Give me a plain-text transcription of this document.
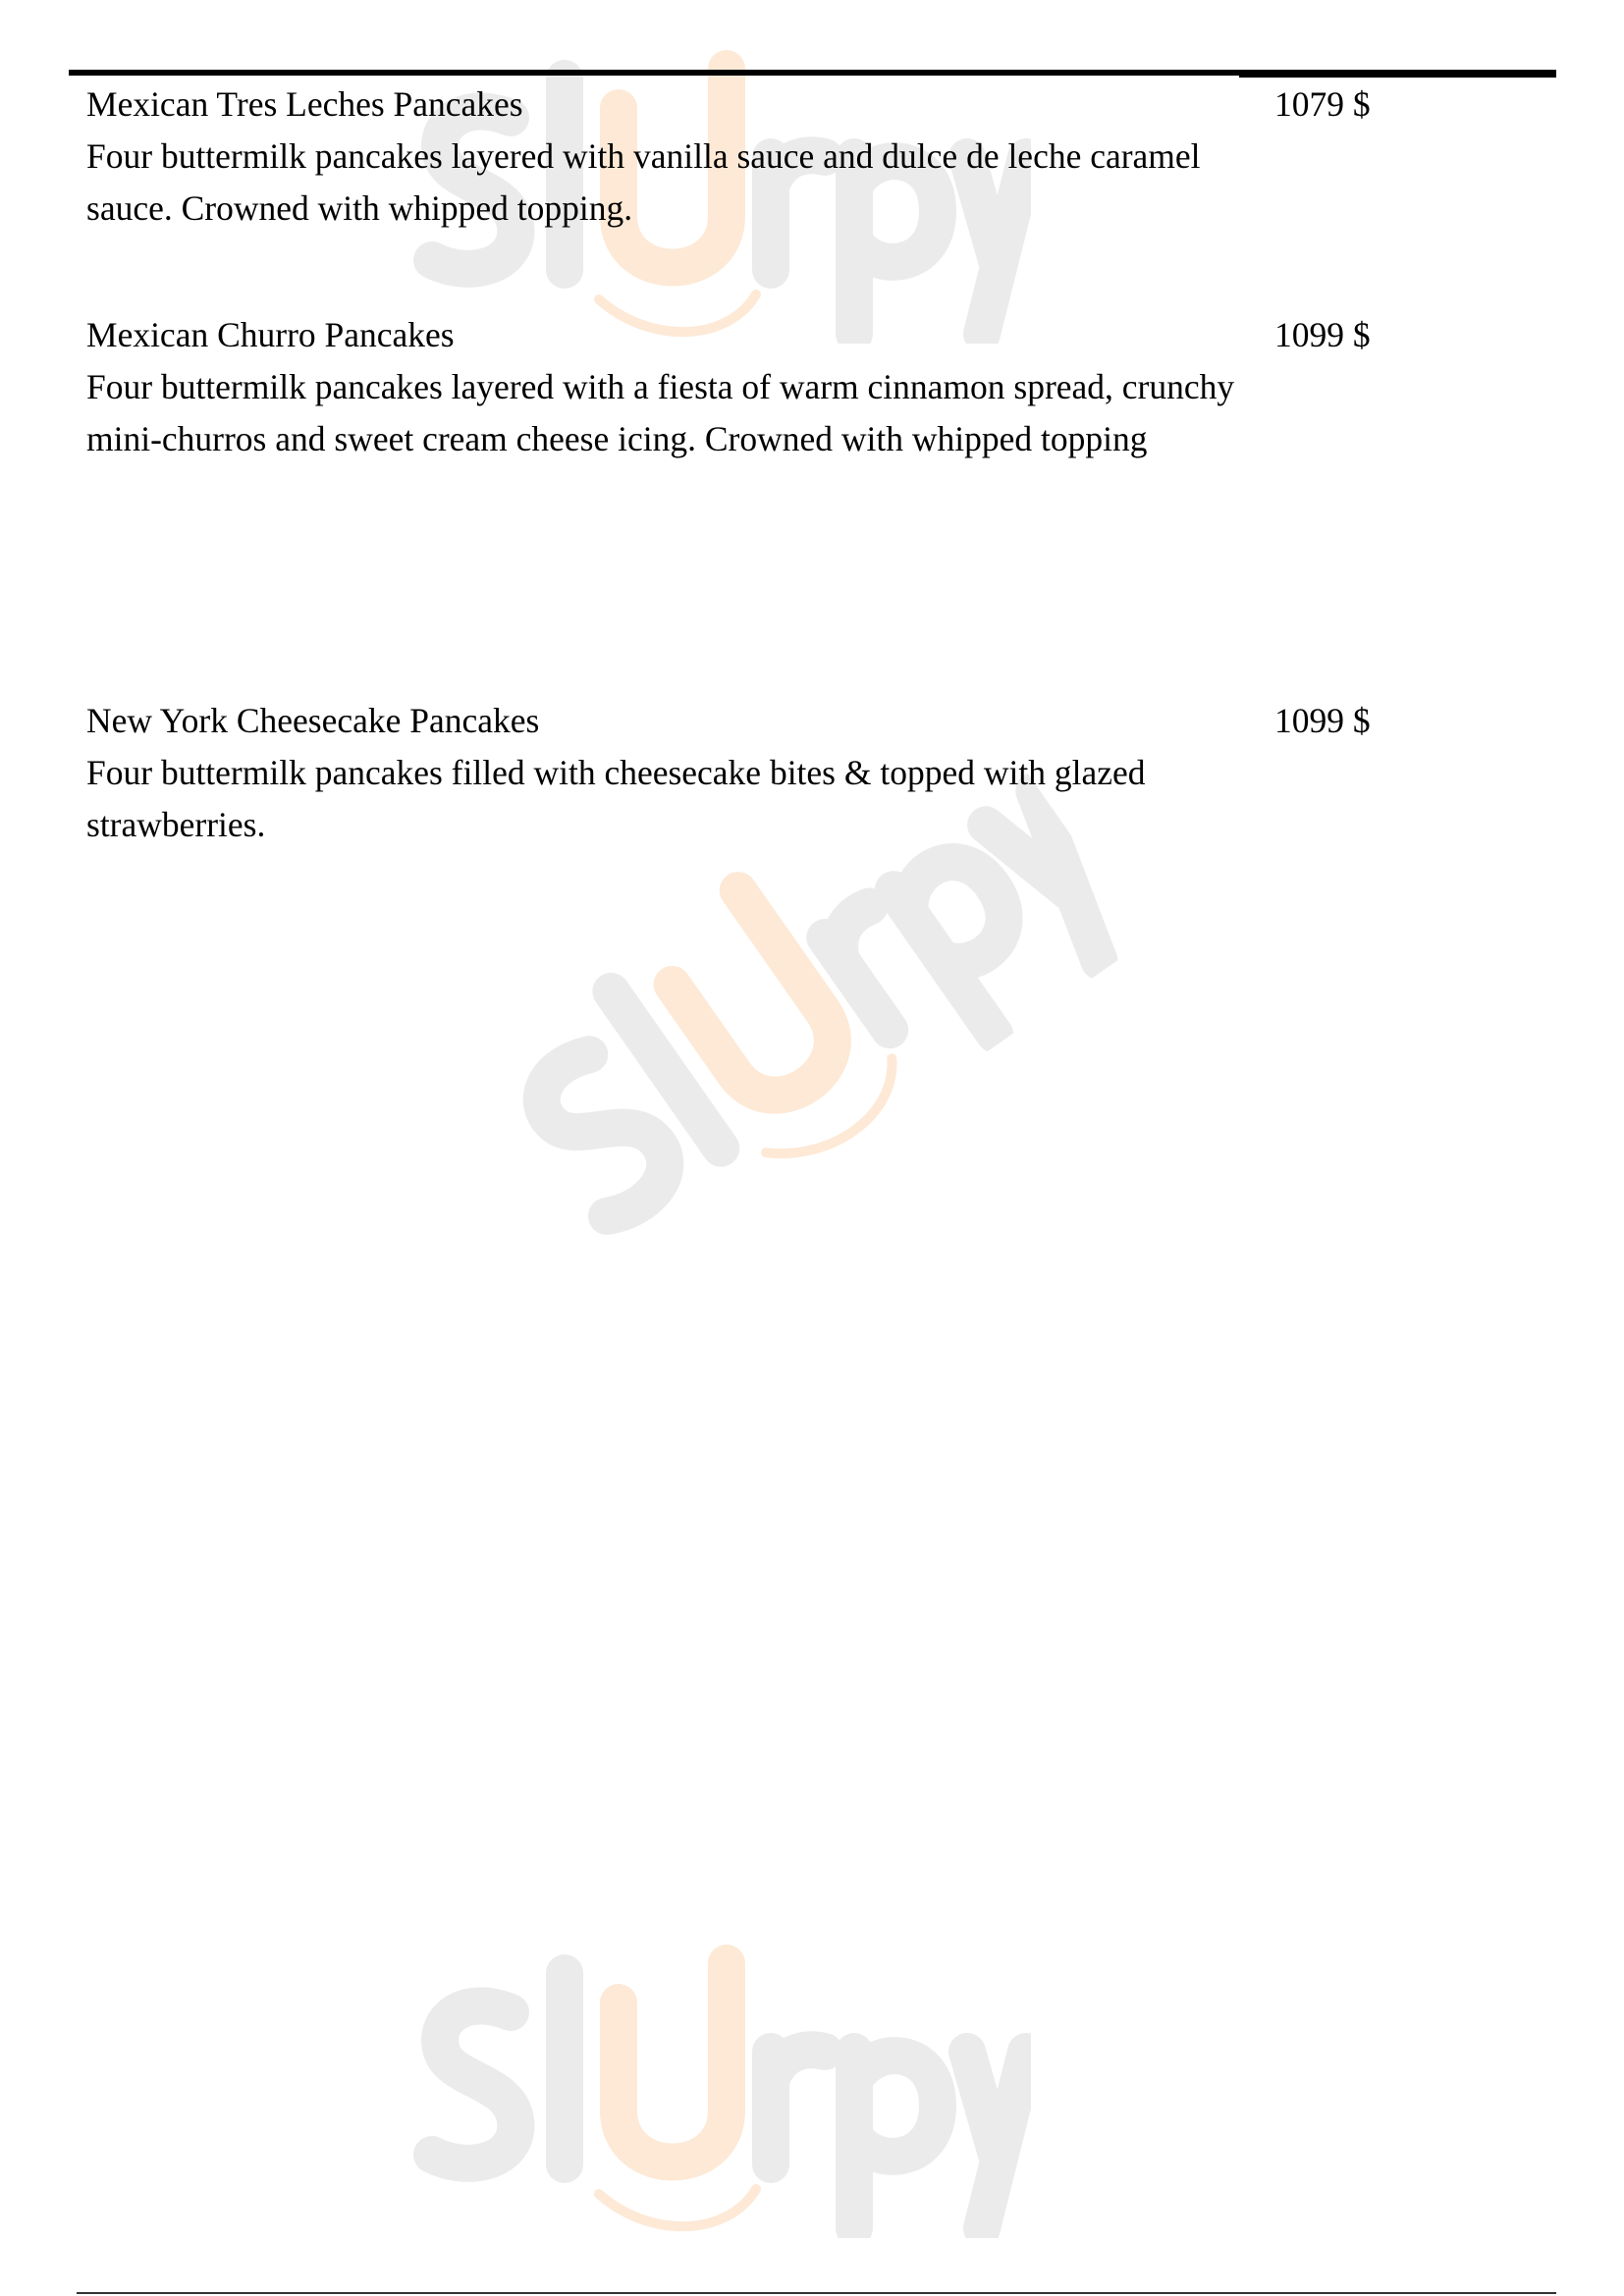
Mexican Tres Leches Pancakes
Four buttermilk pancakes layered with vanilla sauce and dulce de leche caramel sauce. Crowned with whipped topping.
1079 $
Mexican Churro Pancakes
Four buttermilk pancakes layered with a fiesta of warm cinnamon spread, crunchy mini-churros and sweet cream cheese icing. Crowned with whipped topping
1099 $
New York Cheesecake Pancakes
Four buttermilk pancakes filled with cheesecake bites & topped with glazed strawberries.
1099 $
